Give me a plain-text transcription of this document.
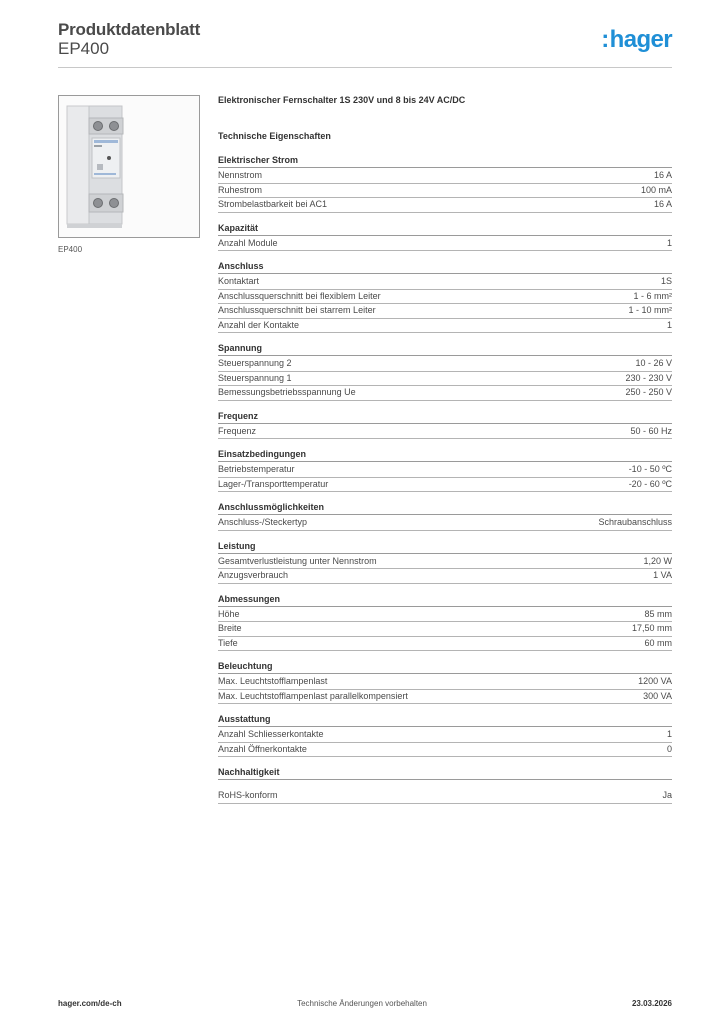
Produktdatenblatt
EP400	:hager
EP400
Elektronischer Fernschalter 1S 230V und 8 bis 24V AC/DC
Technische Eigenschaften
Elektrischer Strom
Nennstrom	16 A
Ruhestrom	100 mA
Strombelastbarkeit bei AC1	16 A
Kapazität
Anzahl Module	1
Anschluss
Kontaktart	1S
Anschlussquerschnitt bei flexiblem Leiter	1 - 6 mm²
Anschlussquerschnitt bei starrem Leiter	1 - 10 mm²
Anzahl der Kontakte	1
Spannung
Steuerspannung 2	10 - 26 V
Steuerspannung 1	230 - 230 V
Bemessungsbetriebsspannung Ue	250 - 250 V
Frequenz
Frequenz	50 - 60 Hz
Einsatzbedingungen
Betriebstemperatur	-10 - 50 ºC
Lager-/Transporttemperatur	-20 - 60 ºC
Anschlussmöglichkeiten
Anschluss-/Steckertyp	Schraubanschluss
Leistung
Gesamtverlustleistung unter Nennstrom	1,20 W
Anzugsverbrauch	1 VA
Abmessungen
Höhe	85 mm
Breite	17,50 mm
Tiefe	60 mm
Beleuchtung
Max. Leuchtstofflampenlast	1200 VA
Max. Leuchtstofflampenlast parallelkompensiert	300 VA
Ausstattung
Anzahl Schliesserkontakte	1
Anzahl Öffnerkontakte	0
Nachhaltigkeit
RoHS-konform	Ja
hager.com/de-ch	Technische Änderungen vorbehalten	23.03.2026
